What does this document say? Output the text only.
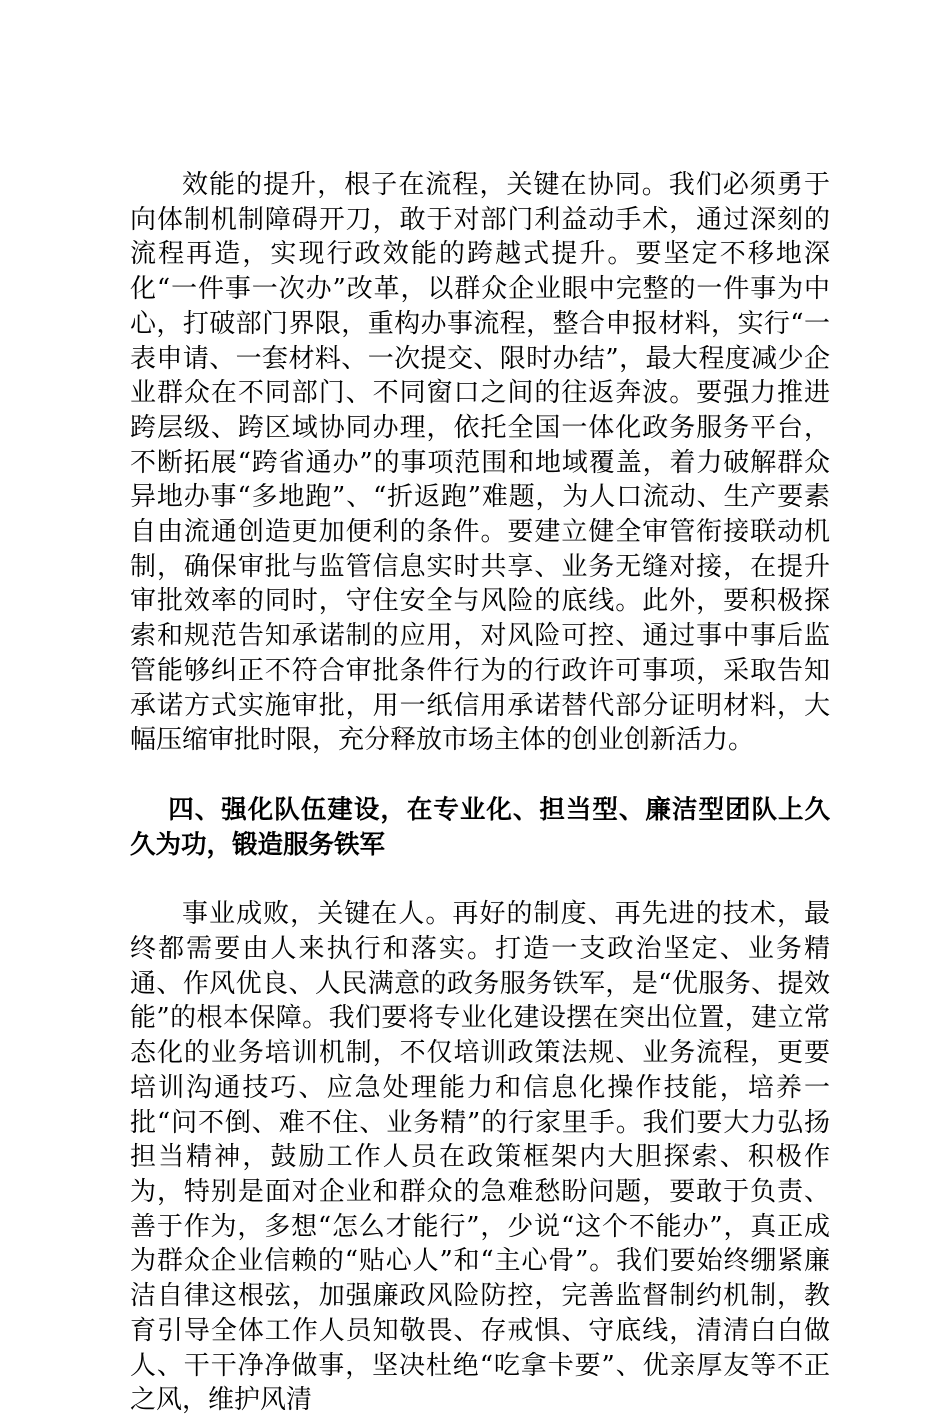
效能的提升，根子在流程，关键在协同。我们必须勇于向体制机制障碍开刀，敢于对部门利益动手术，通过深刻的流程再造，实现行政效能的跨越式提升。要坚定不移地深化“一件事一次办”改革，以群众企业眼中完整的一件事为中心，打破部门界限，重构办事流程，整合申报材料，实行“一表申请、一套材料、一次提交、限时办结”，最大程度减少企业群众在不同部门、不同窗口之间的往返奔波。要强力推进跨层级、跨区域协同办理，依托全国一体化政务服务平台，不断拓展“跨省通办”的事项范围和地域覆盖，着力破解群众异地办事“多地跑”、“折返跑”难题，为人口流动、生产要素自由流通创造更加便利的条件。要建立健全审管衔接联动机制，确保审批与监管信息实时共享、业务无缝对接，在提升审批效率的同时，守住安全与风险的底线。此外，要积极探索和规范告知承诺制的应用，对风险可控、通过事中事后监管能够纠正不符合审批条件行为的行政许可事项，采取告知承诺方式实施审批，用一纸信用承诺替代部分证明材料，大幅压缩审批时限，充分释放市场主体的创业创新活力。

四、强化队伍建设，在专业化、担当型、廉洁型团队上久久为功，锻造服务铁军

事业成败，关键在人。再好的制度、再先进的技术，最终都需要由人来执行和落实。打造一支政治坚定、业务精通、作风优良、人民满意的政务服务铁军，是“优服务、提效能”的根本保障。我们要将专业化建设摆在突出位置，建立常态化的业务培训机制，不仅培训政策法规、业务流程，更要培训沟通技巧、应急处理能力和信息化操作技能，培养一批“问不倒、难不住、业务精”的行家里手。我们要大力弘扬担当精神，鼓励工作人员在政策框架内大胆探索、积极作为，特别是面对企业和群众的急难愁盼问题，要敢于负责、善于作为，多想“怎么才能行”，少说“这个不能办”，真正成为群众企业信赖的“贴心人”和“主心骨”。我们要始终绷紧廉洁自律这根弦，加强廉政风险防控，完善监督制约机制，教育引导全体工作人员知敬畏、存戒惧、守底线，清清白白做人、干干净净做事，坚决杜绝“吃拿卡要”、优亲厚友等不正之风，维护风清
